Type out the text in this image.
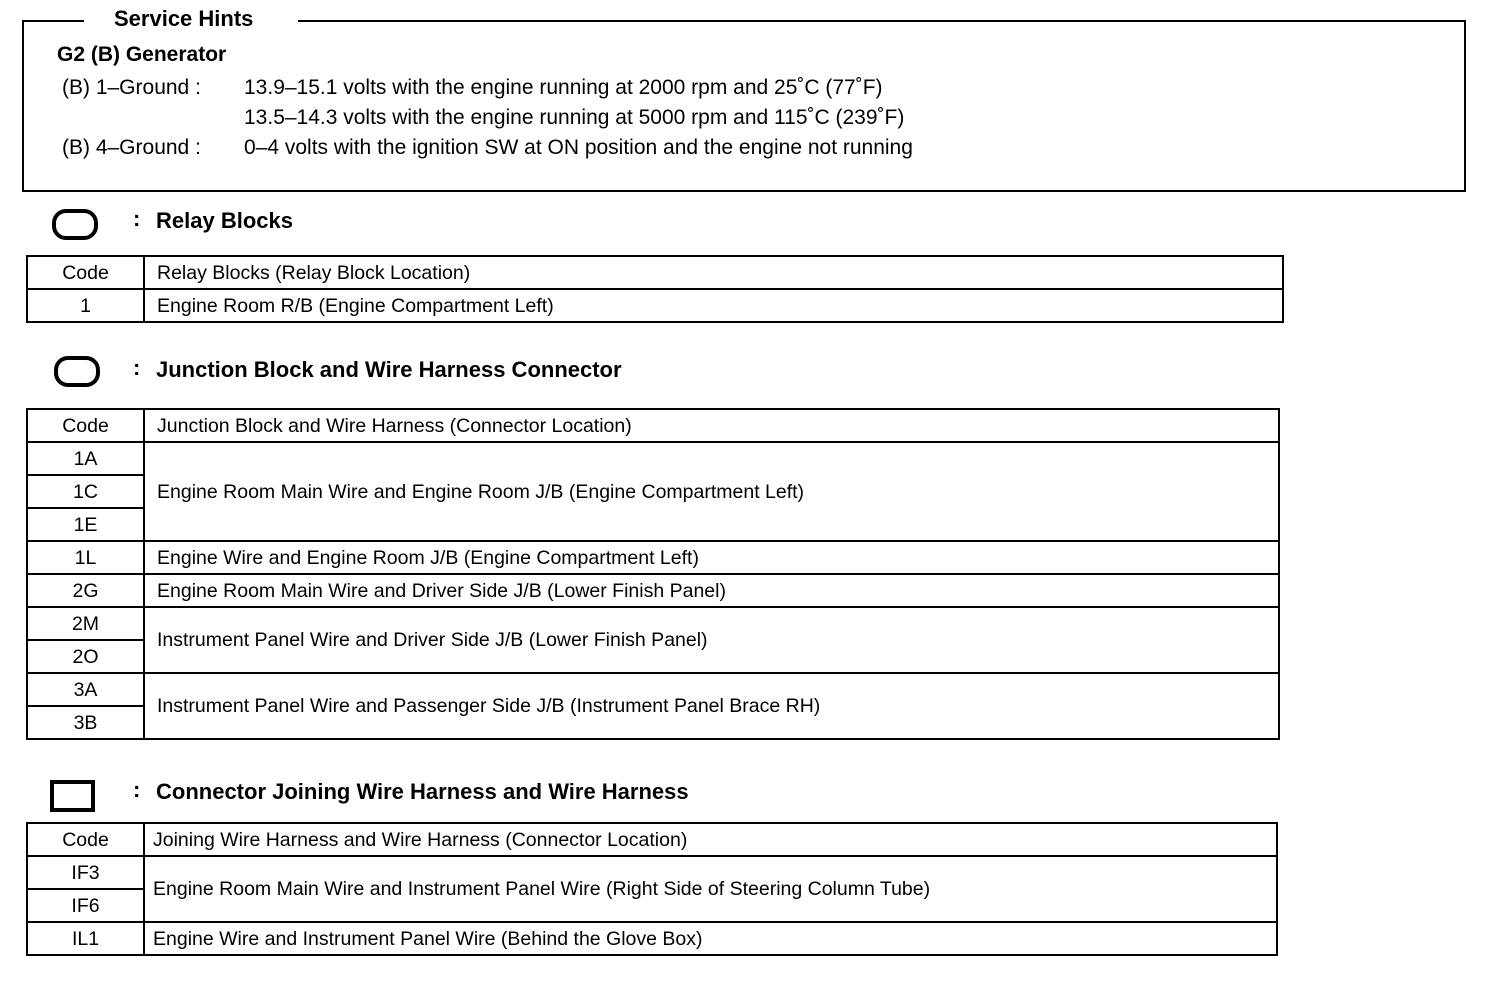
Service Hints
G2 (B) Generator
(B) 1–Ground : 13.9–15.1 volts with the engine running at 2000 rpm and 25˚C (77˚F)
13.5–14.3 volts with the engine running at 5000 rpm and 115˚C (239˚F)
(B) 4–Ground : 0–4 volts with the ignition SW at ON position and the engine not running
: Relay Blocks
Code	Relay Blocks (Relay Block Location)
1	Engine Room R/B (Engine Compartment Left)
: Junction Block and Wire Harness Connector
Code	Junction Block and Wire Harness (Connector Location)
1A	Engine Room Main Wire and Engine Room J/B (Engine Compartment Left)
1C	
1E	
1L	Engine Wire and Engine Room J/B (Engine Compartment Left)
2G	Engine Room Main Wire and Driver Side J/B (Lower Finish Panel)
2M	Instrument Panel Wire and Driver Side J/B (Lower Finish Panel)
2O	
3A	Instrument Panel Wire and Passenger Side J/B (Instrument Panel Brace RH)
3B	
: Connector Joining Wire Harness and Wire Harness
Code	Joining Wire Harness and Wire Harness (Connector Location)
IF3	Engine Room Main Wire and Instrument Panel Wire (Right Side of Steering Column Tube)
IF6	
IL1	Engine Wire and Instrument Panel Wire (Behind the Glove Box)
